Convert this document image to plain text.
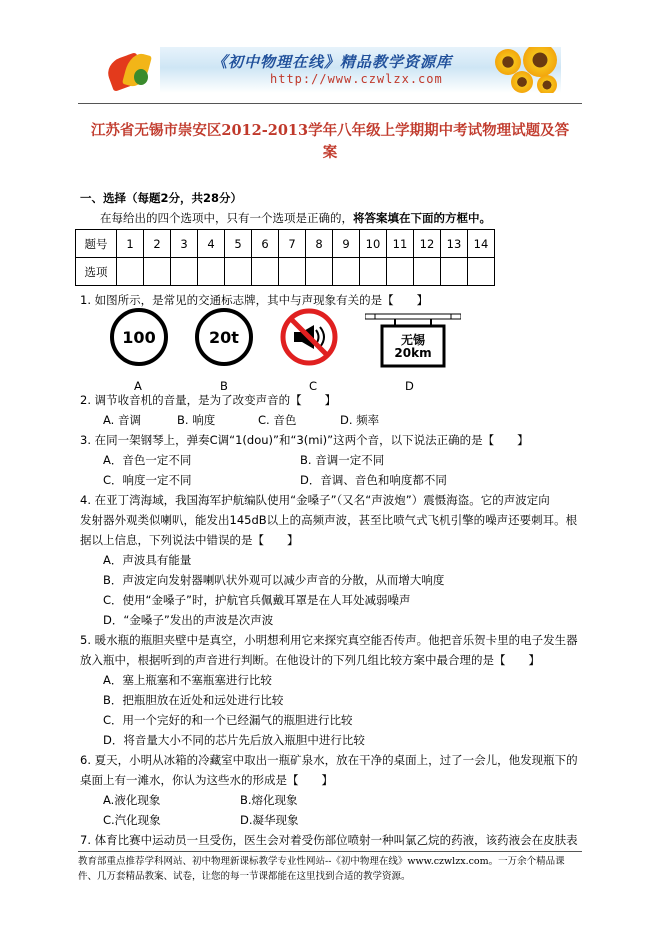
《初中物理在线》精品教学资源库
http://www.czwlzx.com
江苏省无锡市崇安区2012-2013学年八年级上学期期中考试物理试题及答
案
一、选择（每题2分，共28分）
在每给出的四个选项中，只有一个选项是正确的，将答案填在下面的方框中。
题号	1	2	3	4	5	6	7	8	9	10	11	12	13	14
选项														
1. 如图所示，是常见的交通标志牌，其中与声现象有关的是【　　】
100	20t	无锡
20km
A	B	C	D
2. 调节收音机的音量，是为了改变声音的【　　】
A. 音调	B. 响度	C. 音色	D. 频率
3. 在同一架钢琴上，弹奏C调“1(dou)”和“3(mi)”这两个音，以下说法正确的是【　　】
A．音色一定不同	B. 音调一定不同
C．响度一定不同	D．音调、音色和响度都不同
4. 在亚丁湾海域，我国海军护航编队使用“金嗓子”（又名“声波炮”）震慑海盗。它的声波定向
发射器外观类似喇叭，能发出145dB以上的高频声波，甚至比喷气式飞机引擎的噪声还要刺耳。根
据以上信息，下列说法中错误的是【　　】
A．声波具有能量
B．声波定向发射器喇叭状外观可以减少声音的分散，从而增大响度
C．使用“金嗓子”时，护航官兵佩戴耳罩是在人耳处减弱噪声
D．“金嗓子”发出的声波是次声波
5. 暖水瓶的瓶胆夹壁中是真空，小明想利用它来探究真空能否传声。他把音乐贺卡里的电子发生器
放入瓶中，根据听到的声音进行判断。在他设计的下列几组比较方案中最合理的是【　　】
A．塞上瓶塞和不塞瓶塞进行比较
B．把瓶胆放在近处和远处进行比较
C．用一个完好的和一个已经漏气的瓶胆进行比较
D．将音量大小不同的芯片先后放入瓶胆中进行比较
6. 夏天，小明从冰箱的冷藏室中取出一瓶矿泉水，放在干净的桌面上，过了一会儿，他发现瓶下的
桌面上有一滩水，你认为这些水的形成是【　　】
A.液化现象	B.熔化现象
C.汽化现象	D.凝华现象
7. 体育比赛中运动员一旦受伤，医生会对着受伤部位喷射一种叫氯乙烷的药液，该药液会在皮肤表
教育部重点推荐学科网站、初中物理新课标教学专业性网站--《初中物理在线》www.czwlzx.com。一万余个精品课
件、几万套精品教案、试卷，让您的每一节课都能在这里找到合适的教学资源。
